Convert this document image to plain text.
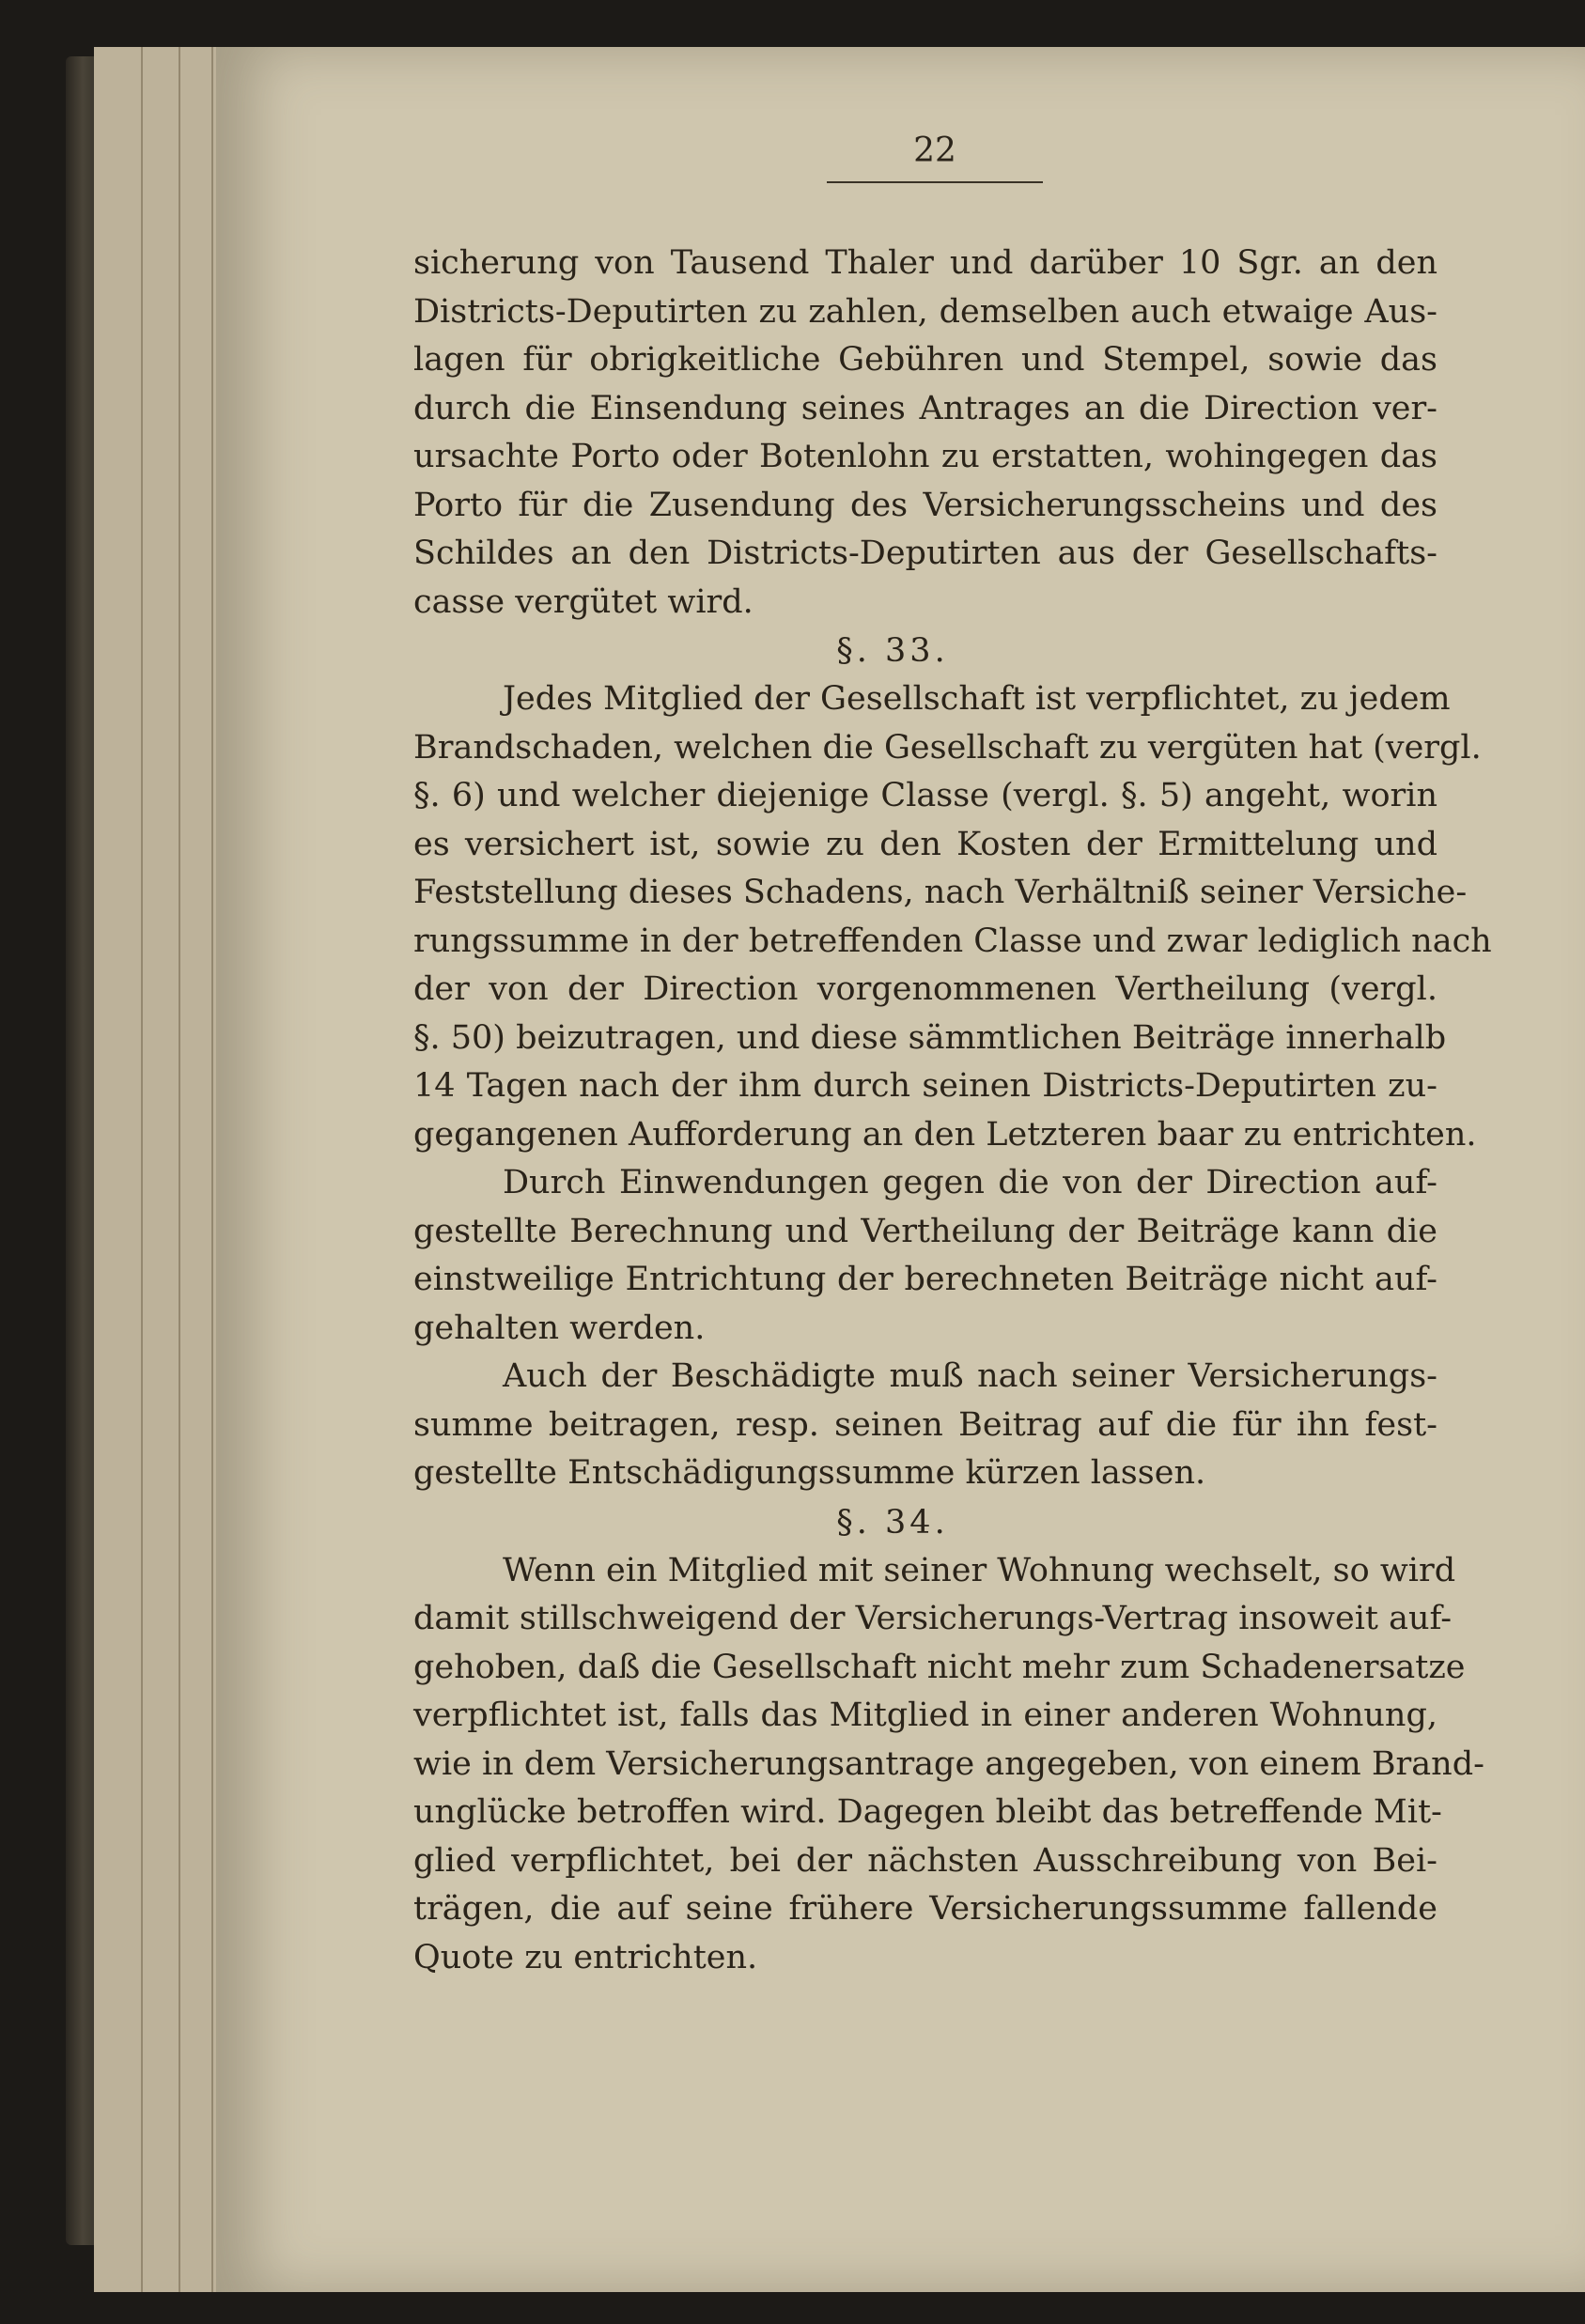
22
sicherung von Tausend Thaler und darüber 10 Sgr. an den
Districts-Deputirten zu zahlen, demselben auch etwaige Aus-
lagen für obrigkeitliche Gebühren und Stempel, sowie das
durch die Einsendung seines Antrages an die Direction ver-
ursachte Porto oder Botenlohn zu erstatten, wohingegen das
Porto für die Zusendung des Versicherungsscheins und des
Schildes an den Districts-Deputirten aus der Gesellschafts-
casse vergütet wird.
§. 33.
Jedes Mitglied der Gesellschaft ist verpflichtet, zu jedem
Brandschaden, welchen die Gesellschaft zu vergüten hat (vergl.
§. 6) und welcher diejenige Classe (vergl. §. 5) angeht, worin
es versichert ist, sowie zu den Kosten der Ermittelung und
Feststellung dieses Schadens, nach Verhältniß seiner Versiche-
rungssumme in der betreffenden Classe und zwar lediglich nach
der von der Direction vorgenommenen Vertheilung (vergl.
§. 50) beizutragen, und diese sämmtlichen Beiträge innerhalb
14 Tagen nach der ihm durch seinen Districts-Deputirten zu-
gegangenen Aufforderung an den Letzteren baar zu entrichten.
Durch Einwendungen gegen die von der Direction auf-
gestellte Berechnung und Vertheilung der Beiträge kann die
einstweilige Entrichtung der berechneten Beiträge nicht auf-
gehalten werden.
Auch der Beschädigte muß nach seiner Versicherungs-
summe beitragen, resp. seinen Beitrag auf die für ihn fest-
gestellte Entschädigungssumme kürzen lassen.
§. 34.
Wenn ein Mitglied mit seiner Wohnung wechselt, so wird
damit stillschweigend der Versicherungs-Vertrag insoweit auf-
gehoben, daß die Gesellschaft nicht mehr zum Schadenersatze
verpflichtet ist, falls das Mitglied in einer anderen Wohnung,
wie in dem Versicherungsantrage angegeben, von einem Brand-
unglücke betroffen wird. Dagegen bleibt das betreffende Mit-
glied verpflichtet, bei der nächsten Ausschreibung von Bei-
trägen, die auf seine frühere Versicherungssumme fallende
Quote zu entrichten.
